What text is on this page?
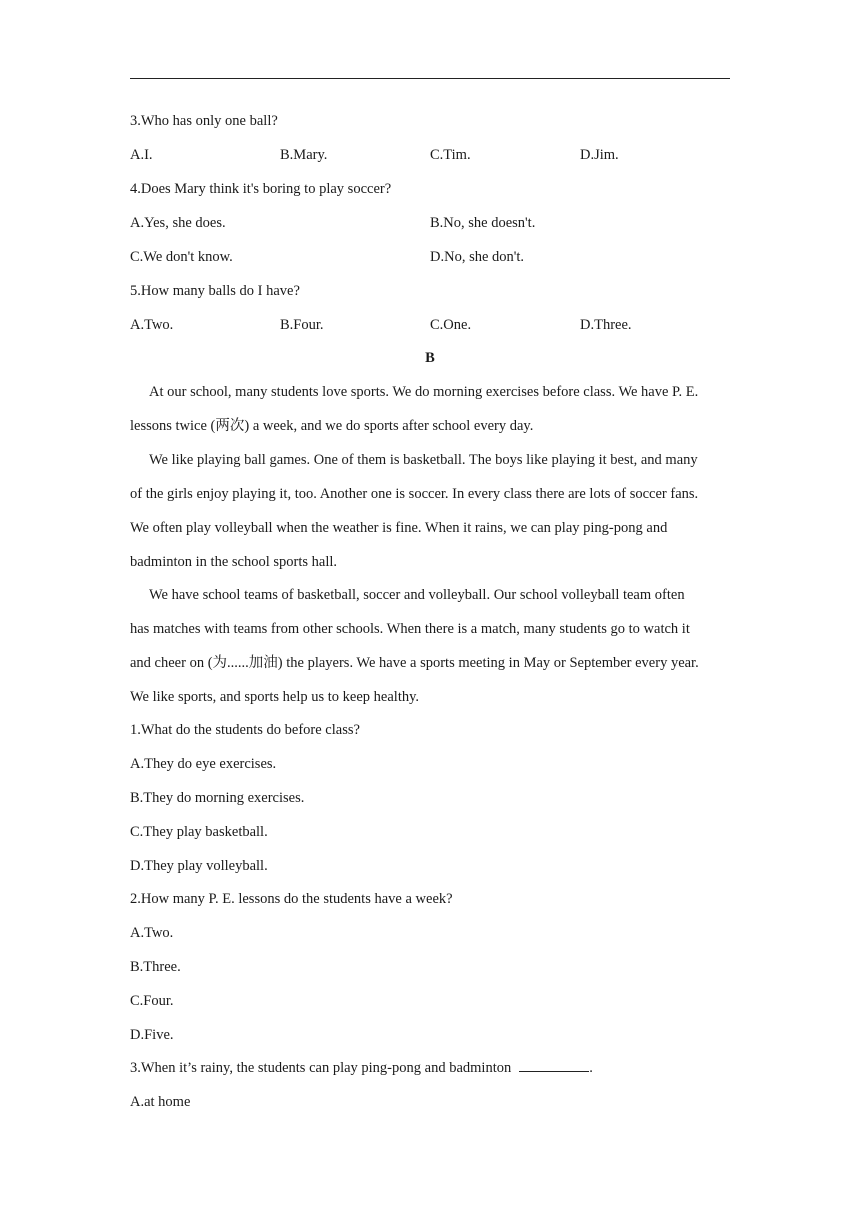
3.Who has only one ball?
A.I.	B.Mary.	C.Tim.	D.Jim.
4.Does Mary think it's boring to play soccer?
A.Yes, she does.	B.No, she doesn't.
C.We don't know.	D.No, she don't.
5.How many balls do I have?
A.Two.	B.Four.	C.One.	D.Three.
B
At our school, many students love sports. We do morning exercises before class. We have P. E.
lessons twice (两次) a week, and we do sports after school every day.
We like playing ball games. One of them is basketball. The boys like playing it best, and many
of the girls enjoy playing it, too. Another one is soccer. In every class there are lots of soccer fans.
We often play volleyball when the weather is fine. When it rains, we can play ping-pong and
badminton in the school sports hall.
We have school teams of basketball, soccer and volleyball. Our school volleyball team often
has matches with teams from other schools. When there is a match, many students go to watch it
and cheer on (为......加油) the players. We have a sports meeting in May or September every year.
We like sports, and sports help us to keep healthy.
1.What do the students do before class?
A.They do eye exercises.
B.They do morning exercises.
C.They play basketball.
D.They play volleyball.
2.How many P. E. lessons do the students have a week?
A.Two.
B.Three.
C.Four.
D.Five.
3.When it’s rainy, the students can play ping-pong and badminton	.
A.at home
